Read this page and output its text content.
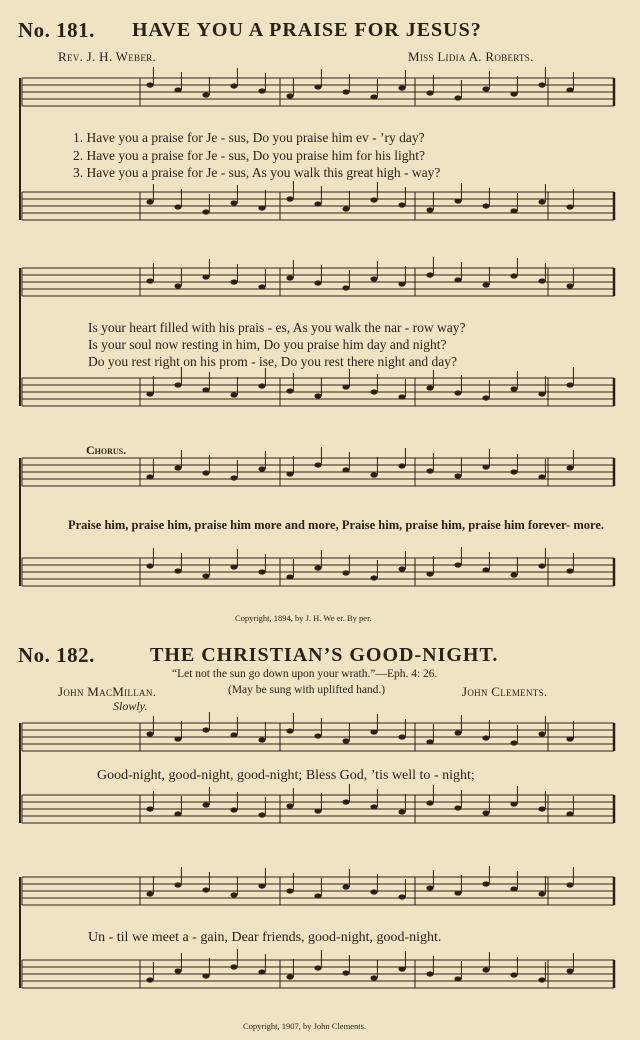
No. 181. HAVE YOU A PRAISE FOR JESUS?
Rev. J. H. Weber.	Miss Lidia A. Roberts.
1. Have you a praise for Je - sus, Do you praise him ev - ’ry day?
2. Have you a praise for Je - sus, Do you praise him for his light?
3. Have you a praise for Je - sus, As you walk this great high - way?
Is your heart filled with his prais - es, As you walk the nar - row way?
Is your soul now resting in him, Do you praise him day and night?
Do you rest right on his prom - ise, Do you rest there night and day?
Chorus.
Praise him, praise him, praise him more and more, Praise him, praise him, praise him forever- more.
Copyright, 1894, by J. H. We er. By per.
No. 182.	THE CHRISTIAN’S GOOD-NIGHT.
“Let not the sun go down upon your wrath.”—Eph. 4: 26.
John MacMillan.	(May be sung with uplifted hand.)	John Clements.
Slowly.
Good-night, good-night, good-night; Bless God, ’tis well to - night;
Un - til we meet a - gain, Dear friends, good-night, good-night.
Copyright, 1907, by John Clements.
